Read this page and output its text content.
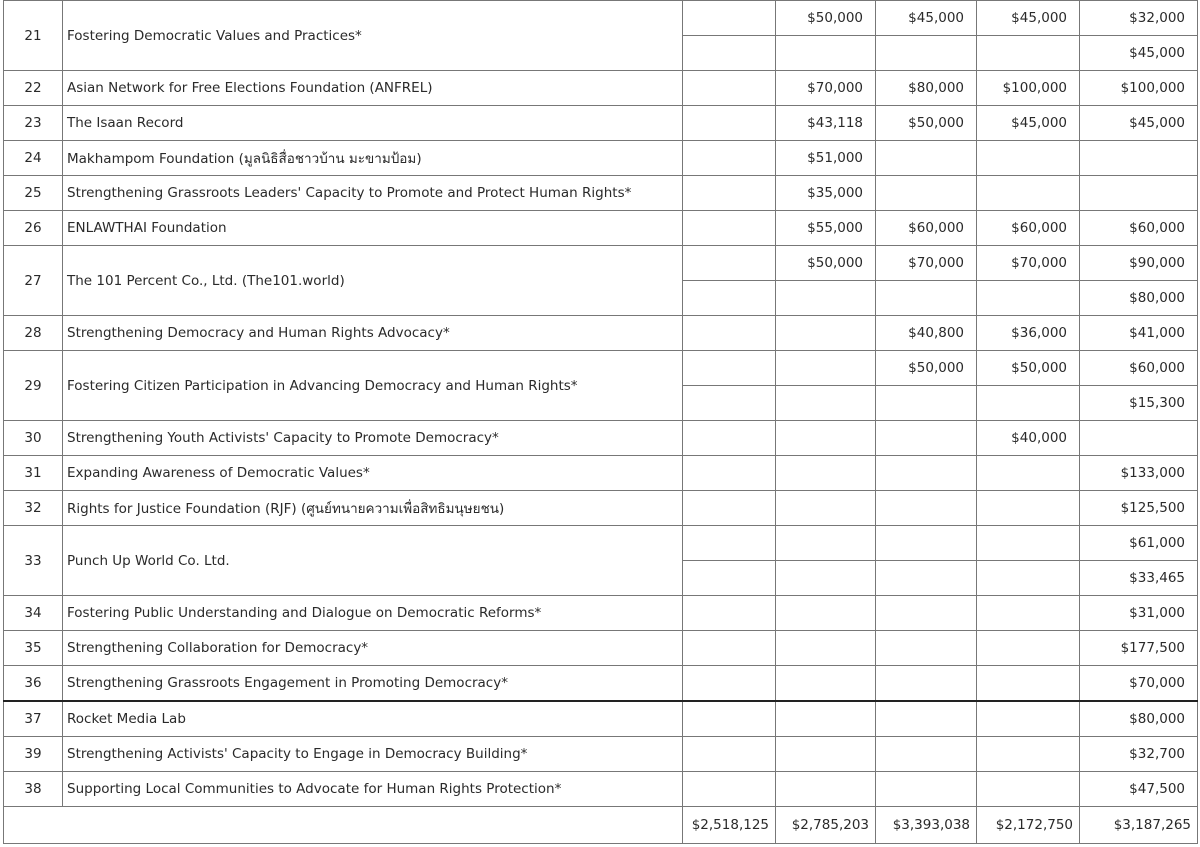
21	Fostering Democratic Values and Practices*		$50,000	$45,000	$45,000	$32,000
						$45,000
22	Asian Network for Free Elections Foundation (ANFREL)		$70,000	$80,000	$100,000	$100,000
23	The Isaan Record		$43,118	$50,000	$45,000	$45,000
24	Makhampom Foundation (มูลนิธิสื่อชาวบ้าน มะขามป้อม)		$51,000			
25	Strengthening Grassroots Leaders' Capacity to Promote and Protect Human Rights*		$35,000			
26	ENLAWTHAI Foundation		$55,000	$60,000	$60,000	$60,000
27	The 101 Percent Co., Ltd. (The101.world)		$50,000	$70,000	$70,000	$90,000
						$80,000
28	Strengthening Democracy and Human Rights Advocacy*			$40,800	$36,000	$41,000
29	Fostering Citizen Participation in Advancing Democracy and Human Rights*			$50,000	$50,000	$60,000
						$15,300
30	Strengthening Youth Activists' Capacity to Promote Democracy*				$40,000	
31	Expanding Awareness of Democratic Values*					$133,000
32	Rights for Justice Foundation (RJF) (ศูนย์ทนายความเพื่อสิทธิมนุษยชน)					$125,500
33	Punch Up World Co. Ltd.					$61,000
						$33,465
34	Fostering Public Understanding and Dialogue on Democratic Reforms*					$31,000
35	Strengthening Collaboration for Democracy*					$177,500
36	Strengthening Grassroots Engagement in Promoting Democracy*					$70,000
37	Rocket Media Lab					$80,000
39	Strengthening Activists' Capacity to Engage in Democracy Building*					$32,700
38	Supporting Local Communities to Advocate for Human Rights Protection*					$47,500
		$2,518,125	$2,785,203	$3,393,038	$2,172,750	$3,187,265
